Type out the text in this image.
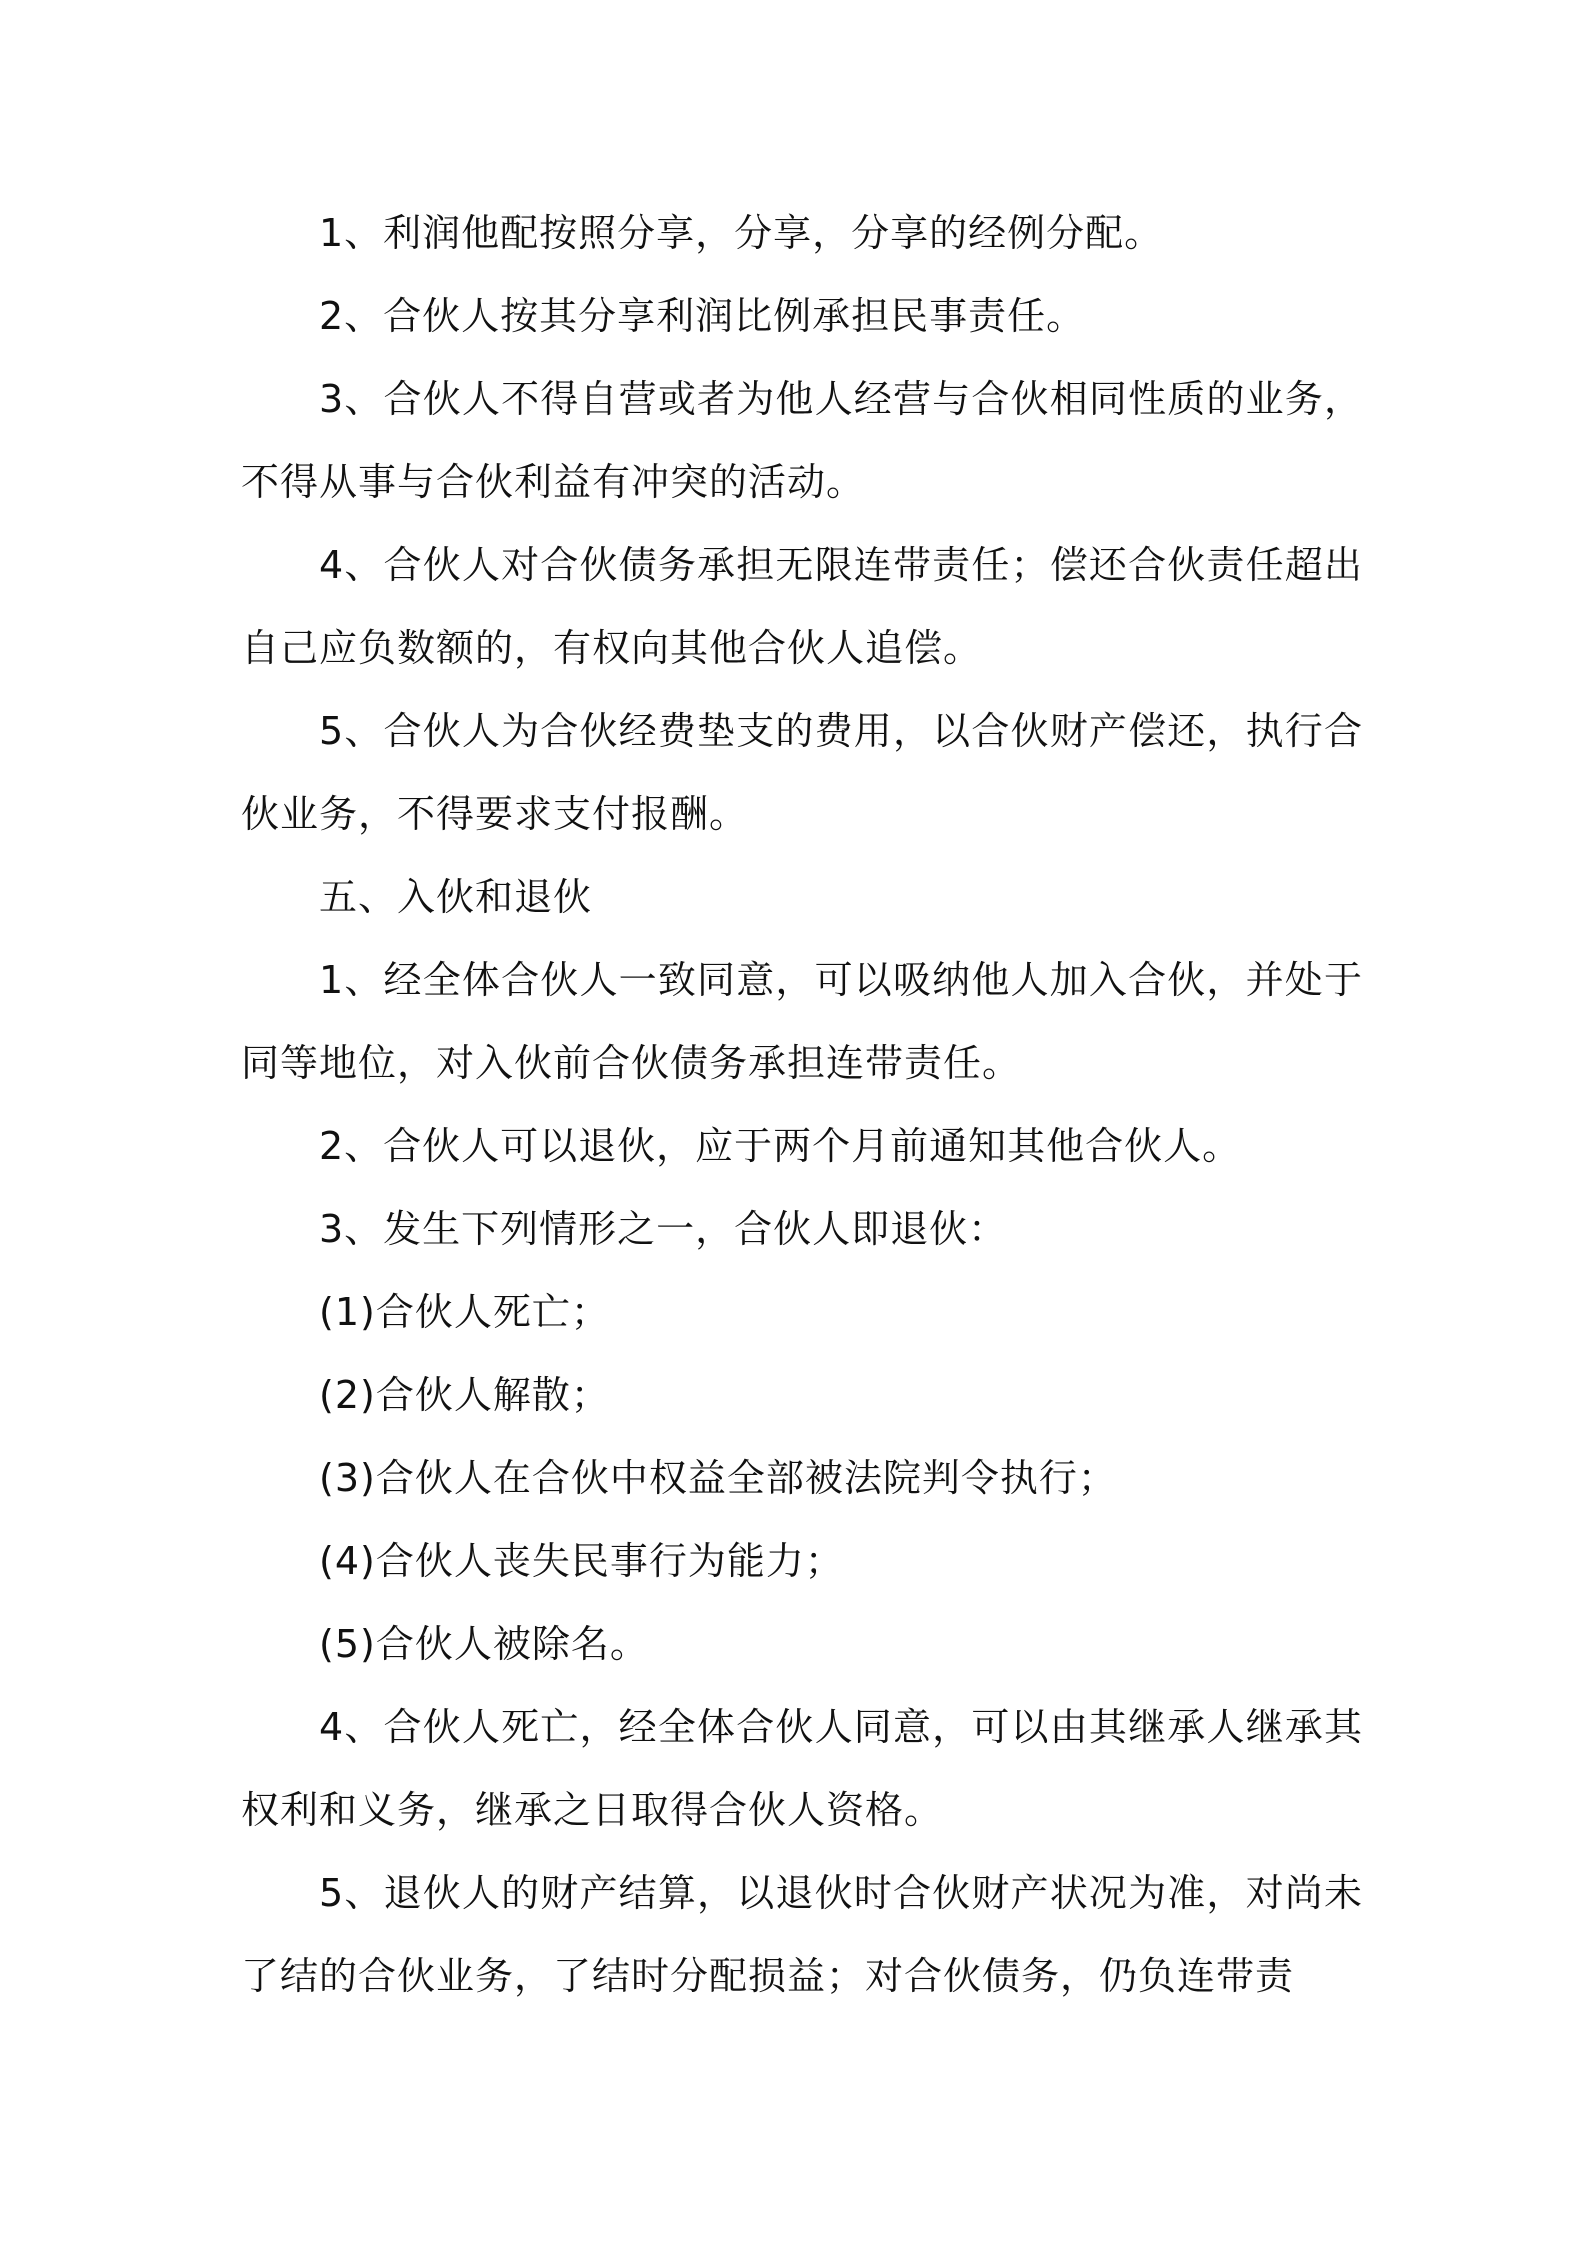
1、利润他配按照分享，分享，分享的经例分配。

2、合伙人按其分享利润比例承担民事责任。

3、合伙人不得自营或者为他人经营与合伙相同性质的业务，不得从事与合伙利益有冲突的活动。

4、合伙人对合伙债务承担无限连带责任；偿还合伙责任超出自己应负数额的，有权向其他合伙人追偿。

5、合伙人为合伙经费垫支的费用，以合伙财产偿还，执行合伙业务，不得要求支付报酬。

五、入伙和退伙

1、经全体合伙人一致同意，可以吸纳他人加入合伙，并处于同等地位，对入伙前合伙债务承担连带责任。

2、合伙人可以退伙，应于两个月前通知其他合伙人。

3、发生下列情形之一，合伙人即退伙：

(1)合伙人死亡；

(2)合伙人解散；

(3)合伙人在合伙中权益全部被法院判令执行；

(4)合伙人丧失民事行为能力；

(5)合伙人被除名。

4、合伙人死亡，经全体合伙人同意，可以由其继承人继承其权利和义务，继承之日取得合伙人资格。

5、退伙人的财产结算，以退伙时合伙财产状况为准，对尚未了结的合伙业务，了结时分配损益；对合伙债务，仍负连带责
